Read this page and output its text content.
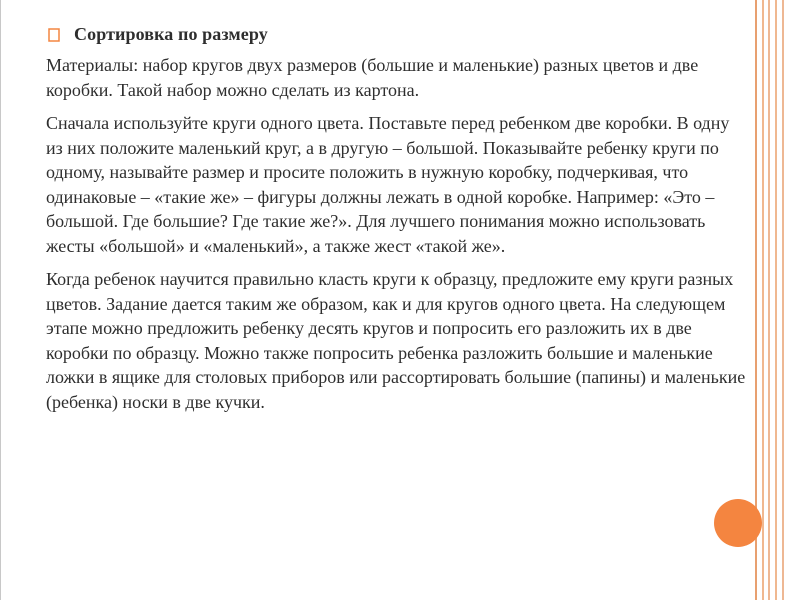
Сортировка по размеру

Материалы: набор кругов двух размеров (большие и маленькие) разных цветов и две коробки. Такой набор можно сделать из картона.

Сначала используйте круги одного цвета. Поставьте перед ребенком две коробки. В одну из них положите маленький круг, а в другую – большой. Показывайте ребенку круги по одному, называйте размер и просите положить в нужную коробку, подчеркивая, что одинаковые – «такие же» – фигуры должны лежать в одной коробке. Например: «Это – большой. Где большие? Где такие же?». Для лучшего понимания можно использовать жесты «большой» и «маленький», а также жест «такой же».

Когда ребенок научится правильно класть круги к образцу, предложите ему круги разных цветов. Задание дается таким же образом, как и для кругов одного цвета. На следующем этапе можно предложить ребенку десять кругов и попросить его разложить их в две коробки по образцу. Можно также попросить ребенка разложить большие и маленькие ложки в ящике для столовых приборов или рассортировать большие (папины) и маленькие (ребенка) носки в две кучки.
